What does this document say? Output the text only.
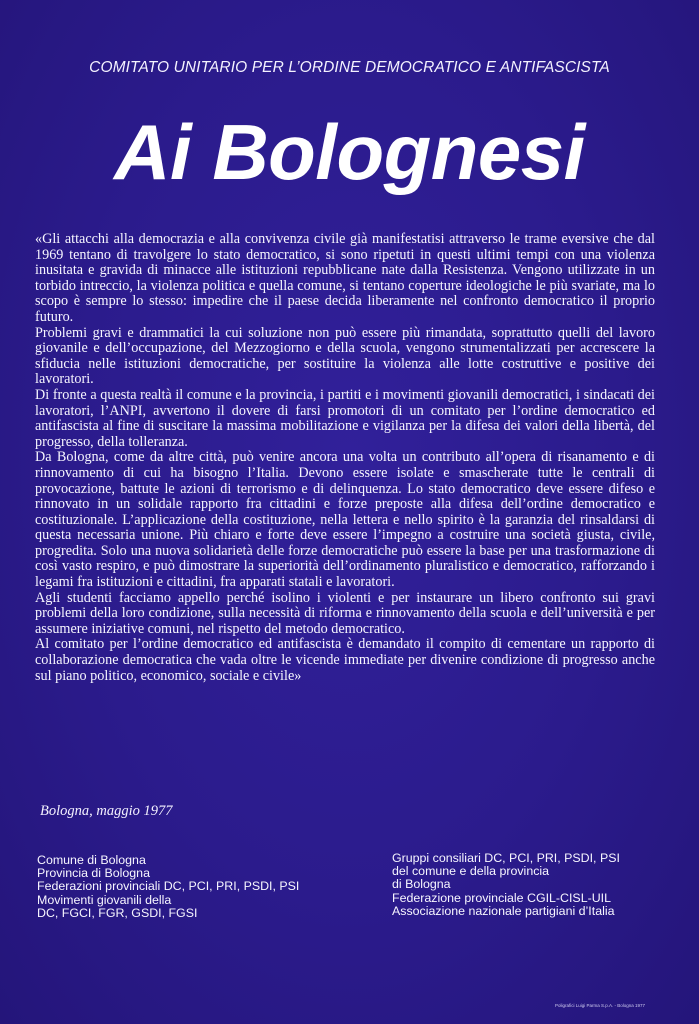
COMITATO UNITARIO PER L’ORDINE DEMOCRATICO E ANTIFASCISTA
Ai Bolognesi

«Gli attacchi alla democrazia e alla convivenza civile già manifestatisi attraverso le trame eversive che dal 1969 tentano di travolgere lo stato democratico, si sono ripetuti in questi ultimi tempi con una violenza inusitata e gravida di minacce alle istituzioni repubblicane nate dalla Resistenza. Vengono utilizzate in un torbido intreccio, la violenza politica e quella comune, si tentano coperture ideologiche le più svariate, ma lo scopo è sempre lo stesso: impedire che il paese decida liberamente nel confronto democratico il proprio futuro.

Problemi gravi e drammatici la cui soluzione non può essere più rimandata, soprattutto quelli del lavoro giovanile e dell’occupazione, del Mezzogiorno e della scuola, vengono strumentalizzati per accrescere la sfiducia nelle istituzioni democratiche, per sostituire la violenza alle lotte costruttive e positive dei lavoratori.

Di fronte a questa realtà il comune e la provincia, i partiti e i movimenti giovanili democratici, i sindacati dei lavoratori, l’ANPI, avvertono il dovere di farsi promotori di un comitato per l’ordine democratico ed antifascista al fine di suscitare la massima mobilitazione e vigilanza per la difesa dei valori della libertà, del progresso, della tolleranza.

Da Bologna, come da altre città, può venire ancora una volta un contributo all’opera di risanamento e di rinnovamento di cui ha bisogno l’Italia. Devono essere isolate e smascherate tutte le centrali di provocazione, battute le azioni di terrorismo e di delinquenza. Lo stato democratico deve essere difeso e rinnovato in un solidale rapporto fra cittadini e forze preposte alla difesa dell’ordine democratico e costituzionale. L’applicazione della costituzione, nella lettera e nello spirito è la garanzia del rinsaldarsi di questa necessaria unione. Più chiaro e forte deve essere l’impegno a costruire una società giusta, civile, progredita. Solo una nuova solidarietà delle forze democratiche può essere la base per una trasformazione di così vasto respiro, e può dimostrare la superiorità dell’ordinamento pluralistico e democratico, rafforzando i legami fra istituzioni e cittadini, fra apparati statali e lavoratori.

Agli studenti facciamo appello perché isolino i violenti e per instaurare un libero confronto sui gravi problemi della loro condizione, sulla necessità di riforma e rinnovamento della scuola e dell’università e per assumere iniziative comuni, nel rispetto del metodo democratico.

Al comitato per l’ordine democratico ed antifascista è demandato il compito di cementare un rapporto di collaborazione democratica che vada oltre le vicende immediate per divenire condizione di progresso anche sul piano politico, economico, sociale e civile»

Bologna, maggio 1977
Comune di Bologna
Provincia di Bologna
Federazioni provinciali DC, PCI, PRI, PSDI, PSI
Movimenti giovanili della
DC, FGCI, FGR, GSDI, FGSI
Gruppi consiliari DC, PCI, PRI, PSDI, PSI
del comune e della provincia
di Bologna
Federazione provinciale CGIL-CISL-UIL
Associazione nazionale partigiani d’Italia
Poligrafici Luigi Parma S.p.A. - Bologna 1977
